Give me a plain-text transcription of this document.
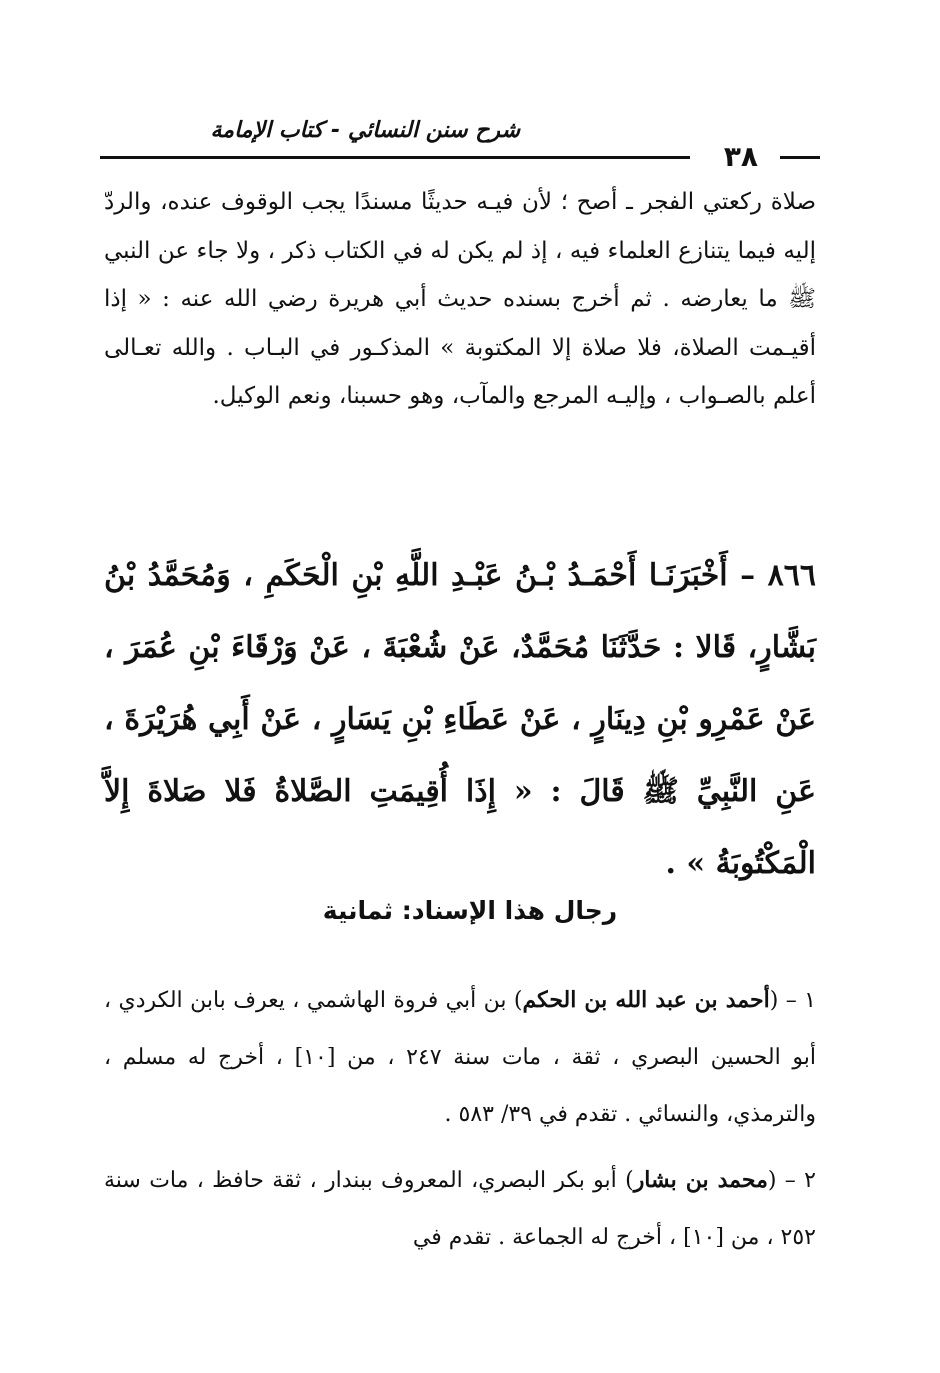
شرح سنن النسائي - كتاب الإمامة
٣٨
صلاة ركعتي الفجر ـ أصح ؛ لأن فيـه حديثًا مسندًا يجب الوقوف عنده، والردّ إليه فيما يتنازع العلماء فيه ، إذ لم يكن له في الكتاب ذكر ، ولا جاء عن النبي ﷺ ما يعارضه . ثم أخرج بسنده حديث أبي هريرة رضي الله عنه : « إذا أقيـمت الصلاة، فلا صلاة إلا المكتوبة » المذكـور في البـاب . والله تعـالى أعلم بالصـواب ، وإليـه المرجع والمآب، وهو حسبنا، ونعم الوكيل.
٨٦٦ – أَخْبَرَنَـا أَحْمَـدُ بْـنُ عَبْـدِ اللَّهِ بْنِ الْحَكَمِ ، وَمُحَمَّدُ بْنُ بَشَّارٍ، قَالا : حَدَّثَنَا مُحَمَّدٌ، عَنْ شُعْبَةَ ، عَنْ وَرْقَاءَ بْنِ عُمَرَ ، عَنْ عَمْرِو بْنِ دِينَارٍ ، عَنْ عَطَاءِ بْنِ يَسَارٍ ، عَنْ أَبِي هُرَيْرَةَ ، عَنِ النَّبِيِّ ﷺ قَالَ : « إِذَا أُقِيمَتِ الصَّلاةُ فَلا صَلاةَ إِلاَّ الْمَكْتُوبَةُ » .
رجال هذا الإسناد: ثمانية
١ – (أحمد بن عبد الله بن الحكم) بن أبي فروة الهاشمي ، يعرف بابن الكردي ، أبو الحسين البصري ، ثقة ، مات سنة ٢٤٧ ، من [١٠] ، أخرج له مسلم ، والترمذي، والنسائي . تقدم في ٣٩/ ٥٨٣ .
٢ – (محمد بن بشار) أبو بكر البصري، المعروف ببندار ، ثقة حافظ ، مات سنة ٢٥٢ ، من [١٠] ، أخرج له الجماعة . تقدم في
